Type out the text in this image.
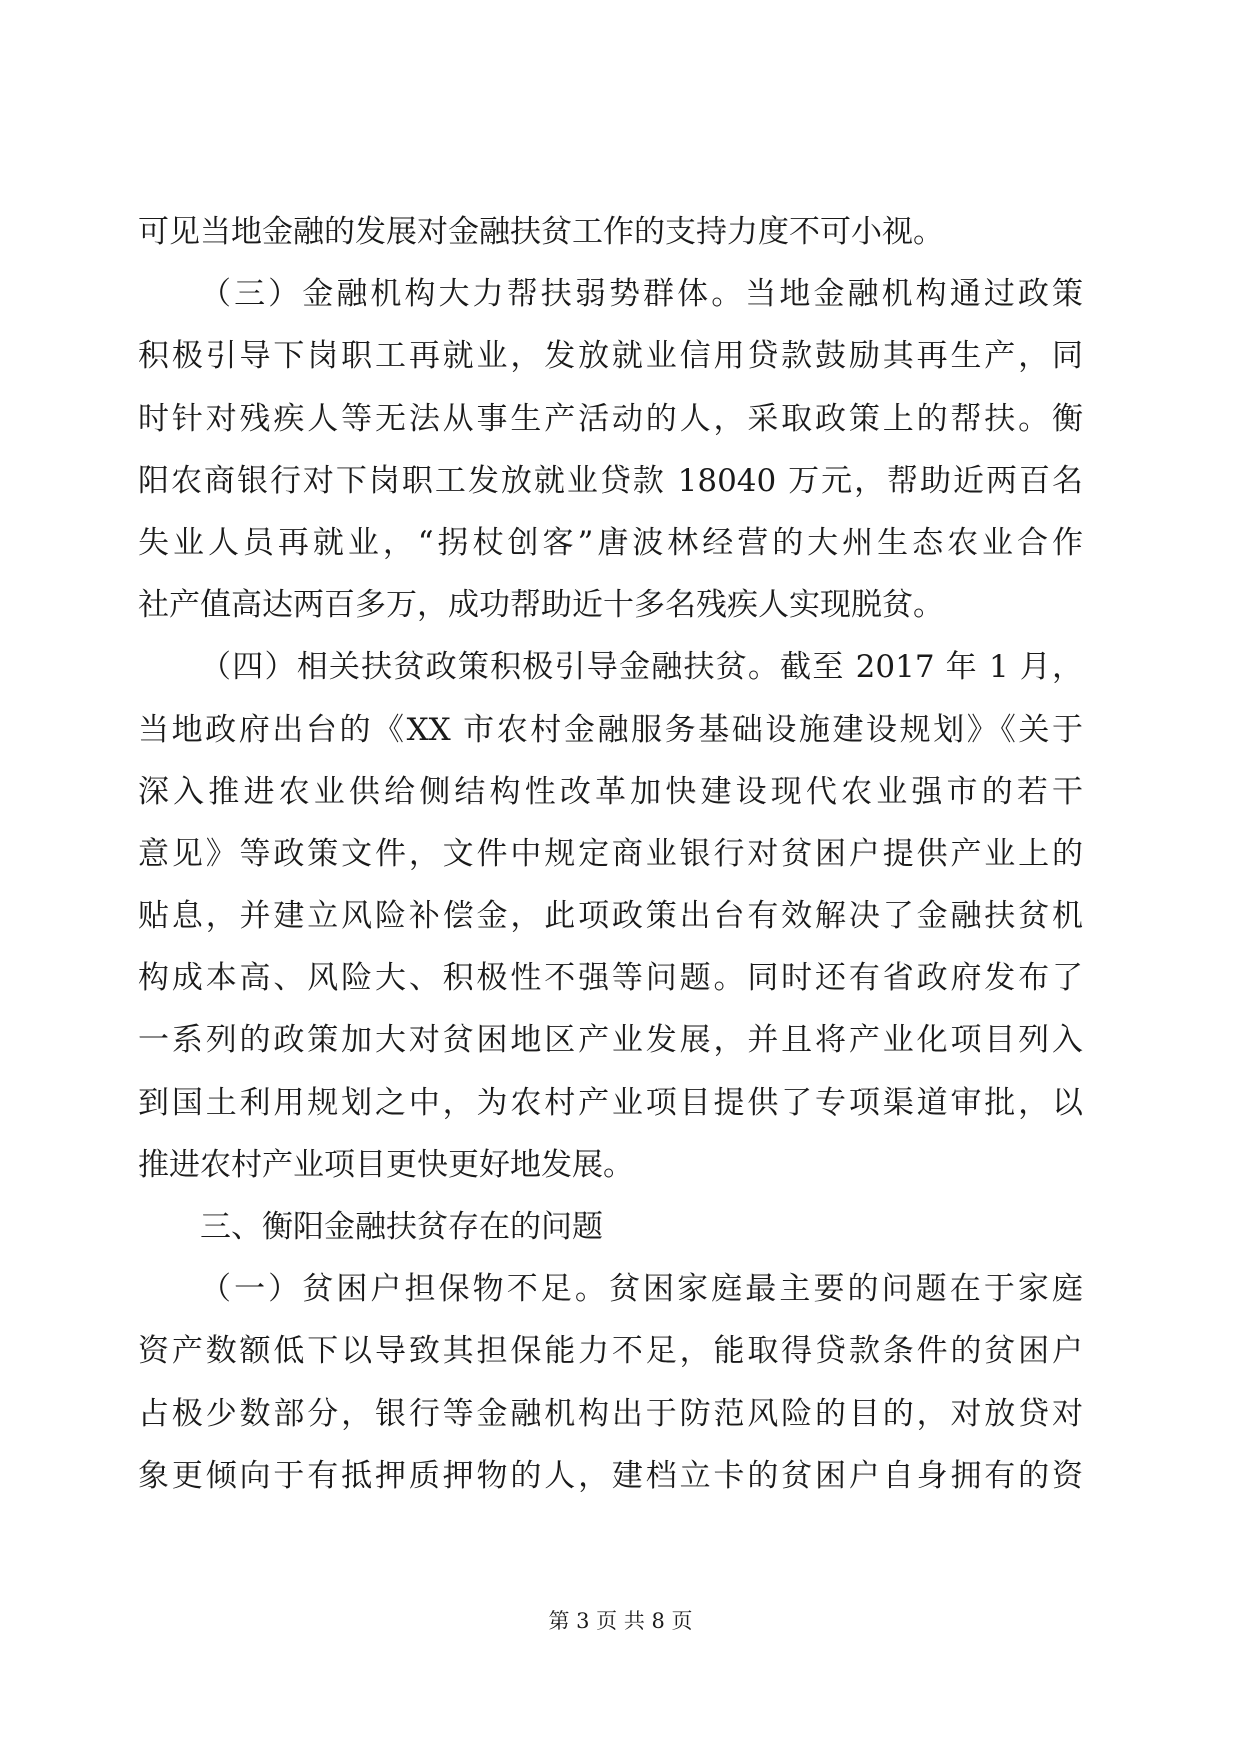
可见当地金融的发展对金融扶贫工作的支持力度不可小视。
（三）金融机构大力帮扶弱势群体。当地金融机构通过政策
积极引导下岗职工再就业，发放就业信用贷款鼓励其再生产，同
时针对残疾人等无法从事生产活动的人，采取政策上的帮扶。衡
阳农商银行对下岗职工发放就业贷款 18040 万元，帮助近两百名
失业人员再就业，“拐杖创客”唐波林经营的大州生态农业合作
社产值高达两百多万，成功帮助近十多名残疾人实现脱贫。
（四）相关扶贫政策积极引导金融扶贫。截至 2017 年 1 月，
当地政府出台的《XX 市农村金融服务基础设施建设规划》《关于
深入推进农业供给侧结构性改革加快建设现代农业强市的若干
意见》等政策文件，文件中规定商业银行对贫困户提供产业上的
贴息，并建立风险补偿金，此项政策出台有效解决了金融扶贫机
构成本高、风险大、积极性不强等问题。同时还有省政府发布了
一系列的政策加大对贫困地区产业发展，并且将产业化项目列入
到国土利用规划之中，为农村产业项目提供了专项渠道审批，以
推进农村产业项目更快更好地发展。
三、衡阳金融扶贫存在的问题
（一）贫困户担保物不足。贫困家庭最主要的问题在于家庭
资产数额低下以导致其担保能力不足，能取得贷款条件的贫困户
占极少数部分，银行等金融机构出于防范风险的目的，对放贷对
象更倾向于有抵押质押物的人，建档立卡的贫困户自身拥有的资
第 3 页 共 8 页
